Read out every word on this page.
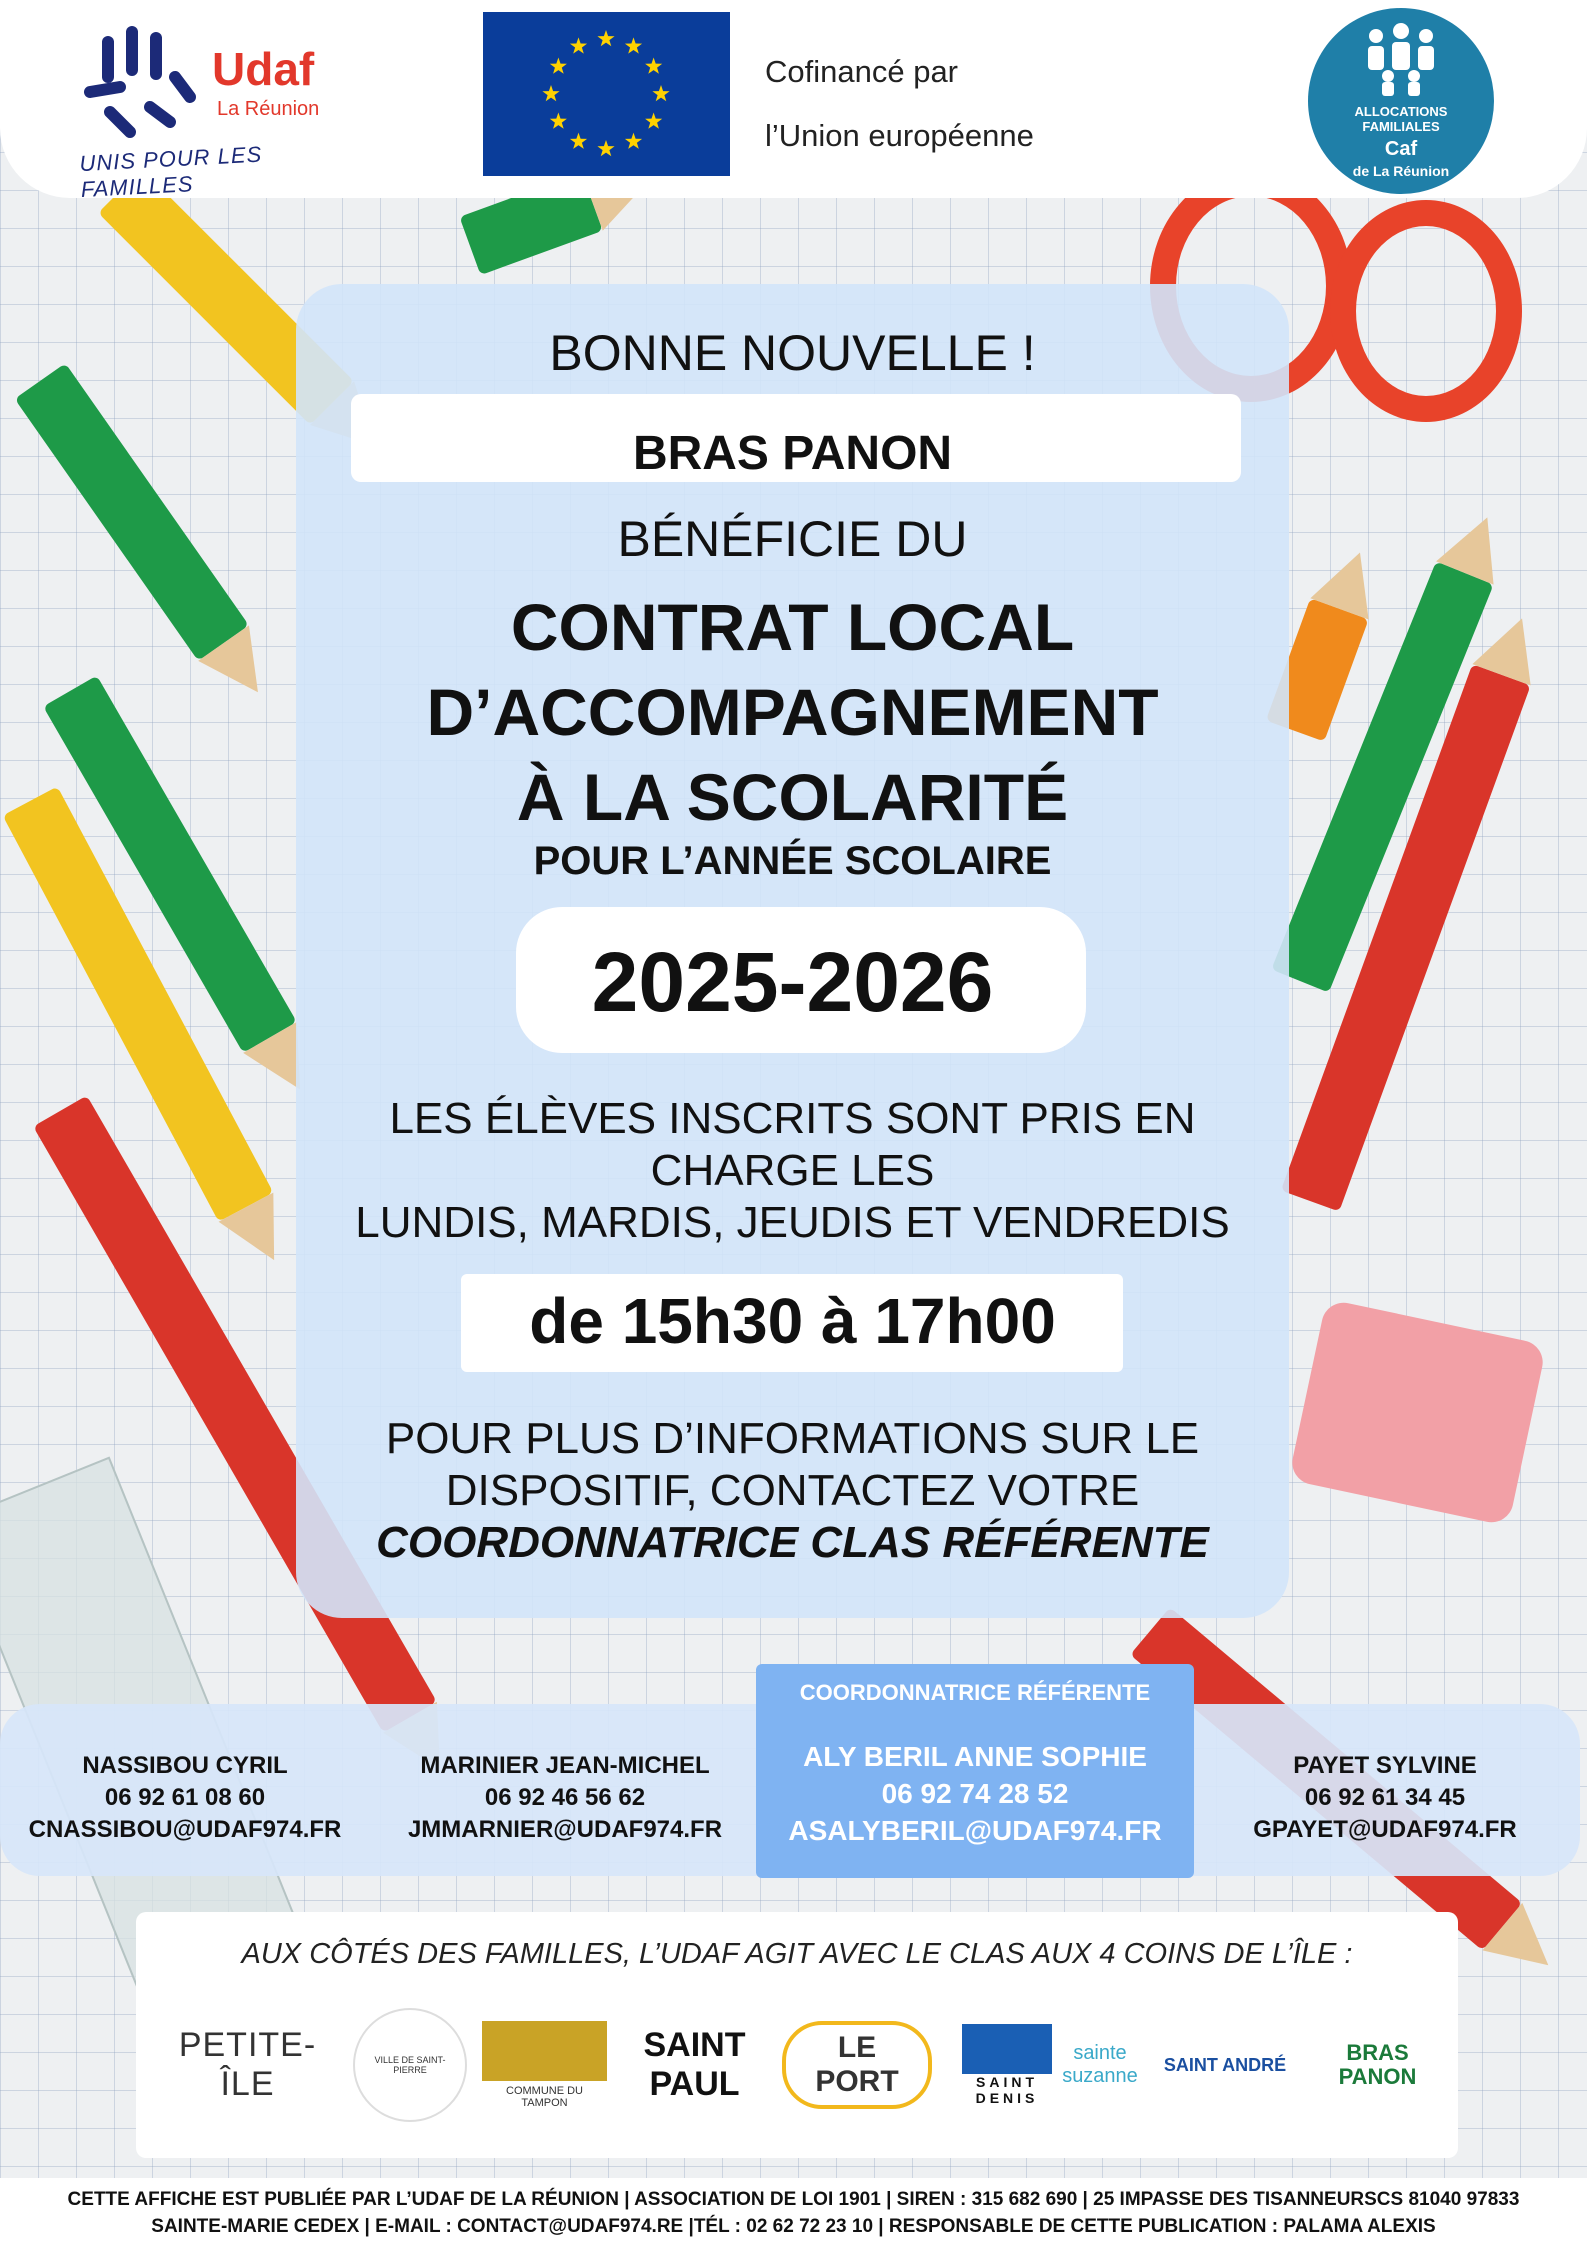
Udaf
La Réunion
UNIS POUR LES FAMILLES
Cofinancé par
l’Union européenne
ALLOCATIONS
FAMILIALES
Caf
de La Réunion
BONNE NOUVELLE !
BRAS PANON
BÉNÉFICIE DU
CONTRAT LOCAL
D’ACCOMPAGNEMENT
À LA SCOLARITÉ
POUR L’ANNÉE SCOLAIRE
2025-2026
LES ÉLÈVES INSCRITS SONT PRIS EN
CHARGE LES
LUNDIS, MARDIS, JEUDIS ET VENDREDIS
de 15h30 à 17h00
POUR PLUS D’INFORMATIONS SUR LE
DISPOSITIF, CONTACTEZ VOTRE
COORDONNATRICE CLAS RÉFÉRENTE
COORDONNATRICE RÉFÉRENTE
NASSIBOU CYRIL
06 92 61 08 60
CNASSIBOU@UDAF974.FR
MARINIER JEAN-MICHEL
06 92 46 56 62
JMMARNIER@UDAF974.FR
ALY BERIL ANNE SOPHIE
06 92 74 28 52
ASALYBERIL@UDAF974.FR
PAYET SYLVINE
06 92 61 34 45
GPAYET@UDAF974.FR
AUX CÔTÉS DES FAMILLES, L’UDAF AGIT AVEC LE CLAS AUX 4 COINS DE L’ÎLE :
PETITE-ÎLE
VILLE DE SAINT-PIERRE
COMMUNE DU TAMPON
SAINT PAUL
LE PORT	SAINT DENIS
sainte suzanne
SAINT ANDRÉ	BRAS PANON
CETTE AFFICHE EST PUBLIÉE PAR L’UDAF DE LA RÉUNION | ASSOCIATION DE LOI 1901 | SIREN : 315 682 690 | 25 IMPASSE DES TISANNEURSCS 81040 97833
SAINTE-MARIE CEDEX | E-MAIL : CONTACT@UDAF974.RE |TÉL : 02 62 72 23 10 | RESPONSABLE DE CETTE PUBLICATION : PALAMA ALEXIS
